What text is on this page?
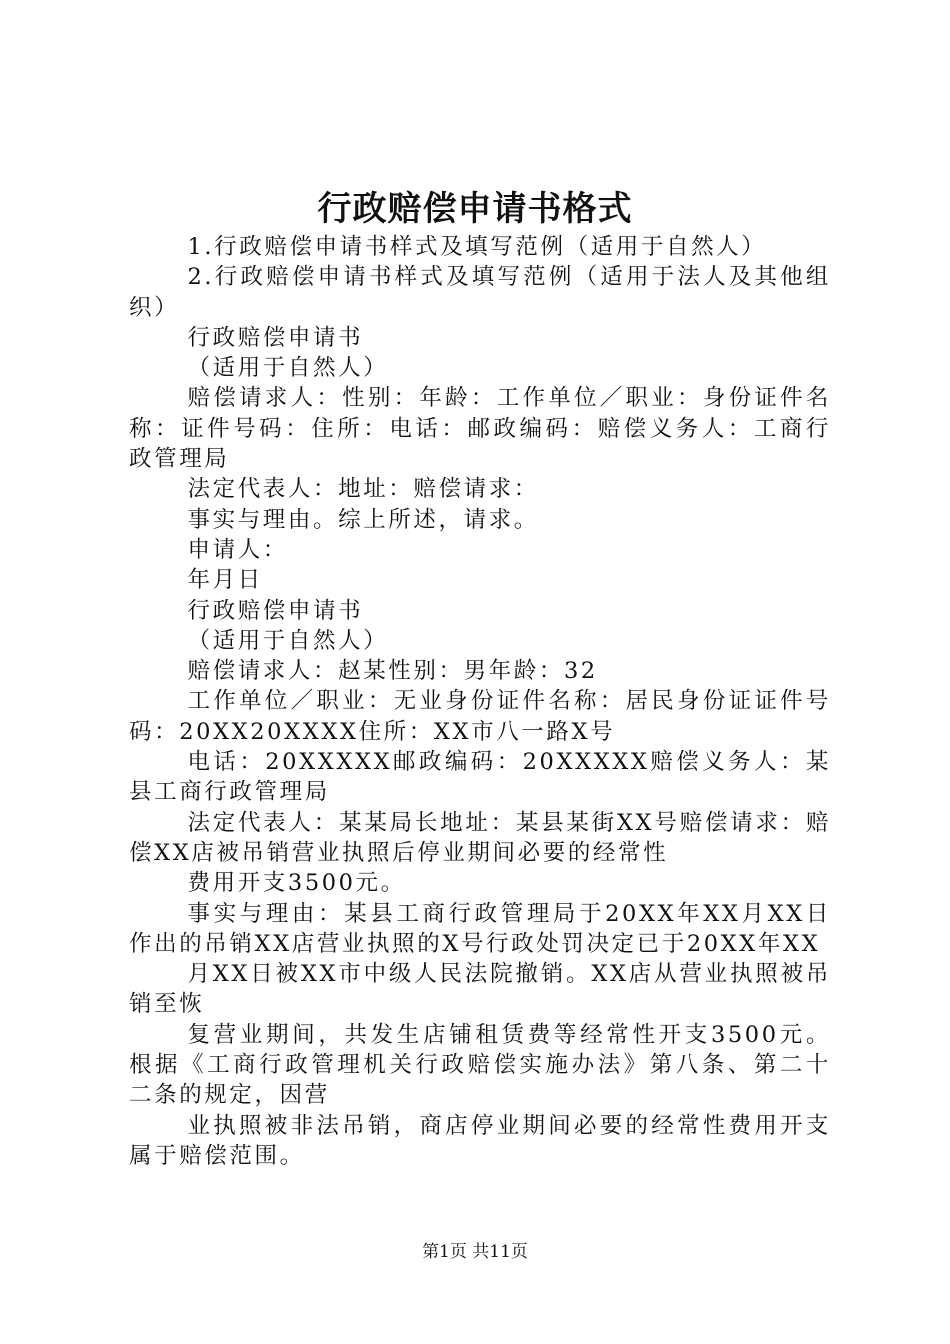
行政赔偿申请书格式

1.行政赔偿申请书样式及填写范例（适用于自然人）

2.行政赔偿申请书样式及填写范例（适用于法人及其他组织）

行政赔偿申请书

（适用于自然人）

赔偿请求人：性别：年龄：工作单位／职业：身份证件名称：证件号码：住所：电话：邮政编码：赔偿义务人：工商行政管理局

法定代表人：地址：赔偿请求：

事实与理由。综上所述，请求。

申请人：

年月日

行政赔偿申请书

（适用于自然人）

赔偿请求人：赵某性别：男年龄：32

工作单位／职业：无业身份证件名称：居民身份证证件号码：20XX20XXXX住所：XX市八一路X号

电话：20XXXXX邮政编码：20XXXXX赔偿义务人：某县工商行政管理局

法定代表人：某某局长地址：某县某街XX号赔偿请求：赔偿XX店被吊销营业执照后停业期间必要的经常性

费用开支3500元。

事实与理由：某县工商行政管理局于20XX年XX月XX日作出的吊销XX店营业执照的X号行政处罚决定已于20XX年XX

月XX日被XX市中级人民法院撤销。XX店从营业执照被吊销至恢

复营业期间，共发生店铺租赁费等经常性开支3500元。根据《工商行政管理机关行政赔偿实施办法》第八条、第二十二条的规定，因营

业执照被非法吊销，商店停业期间必要的经常性费用开支属于赔偿范围。

第1页 共11页
